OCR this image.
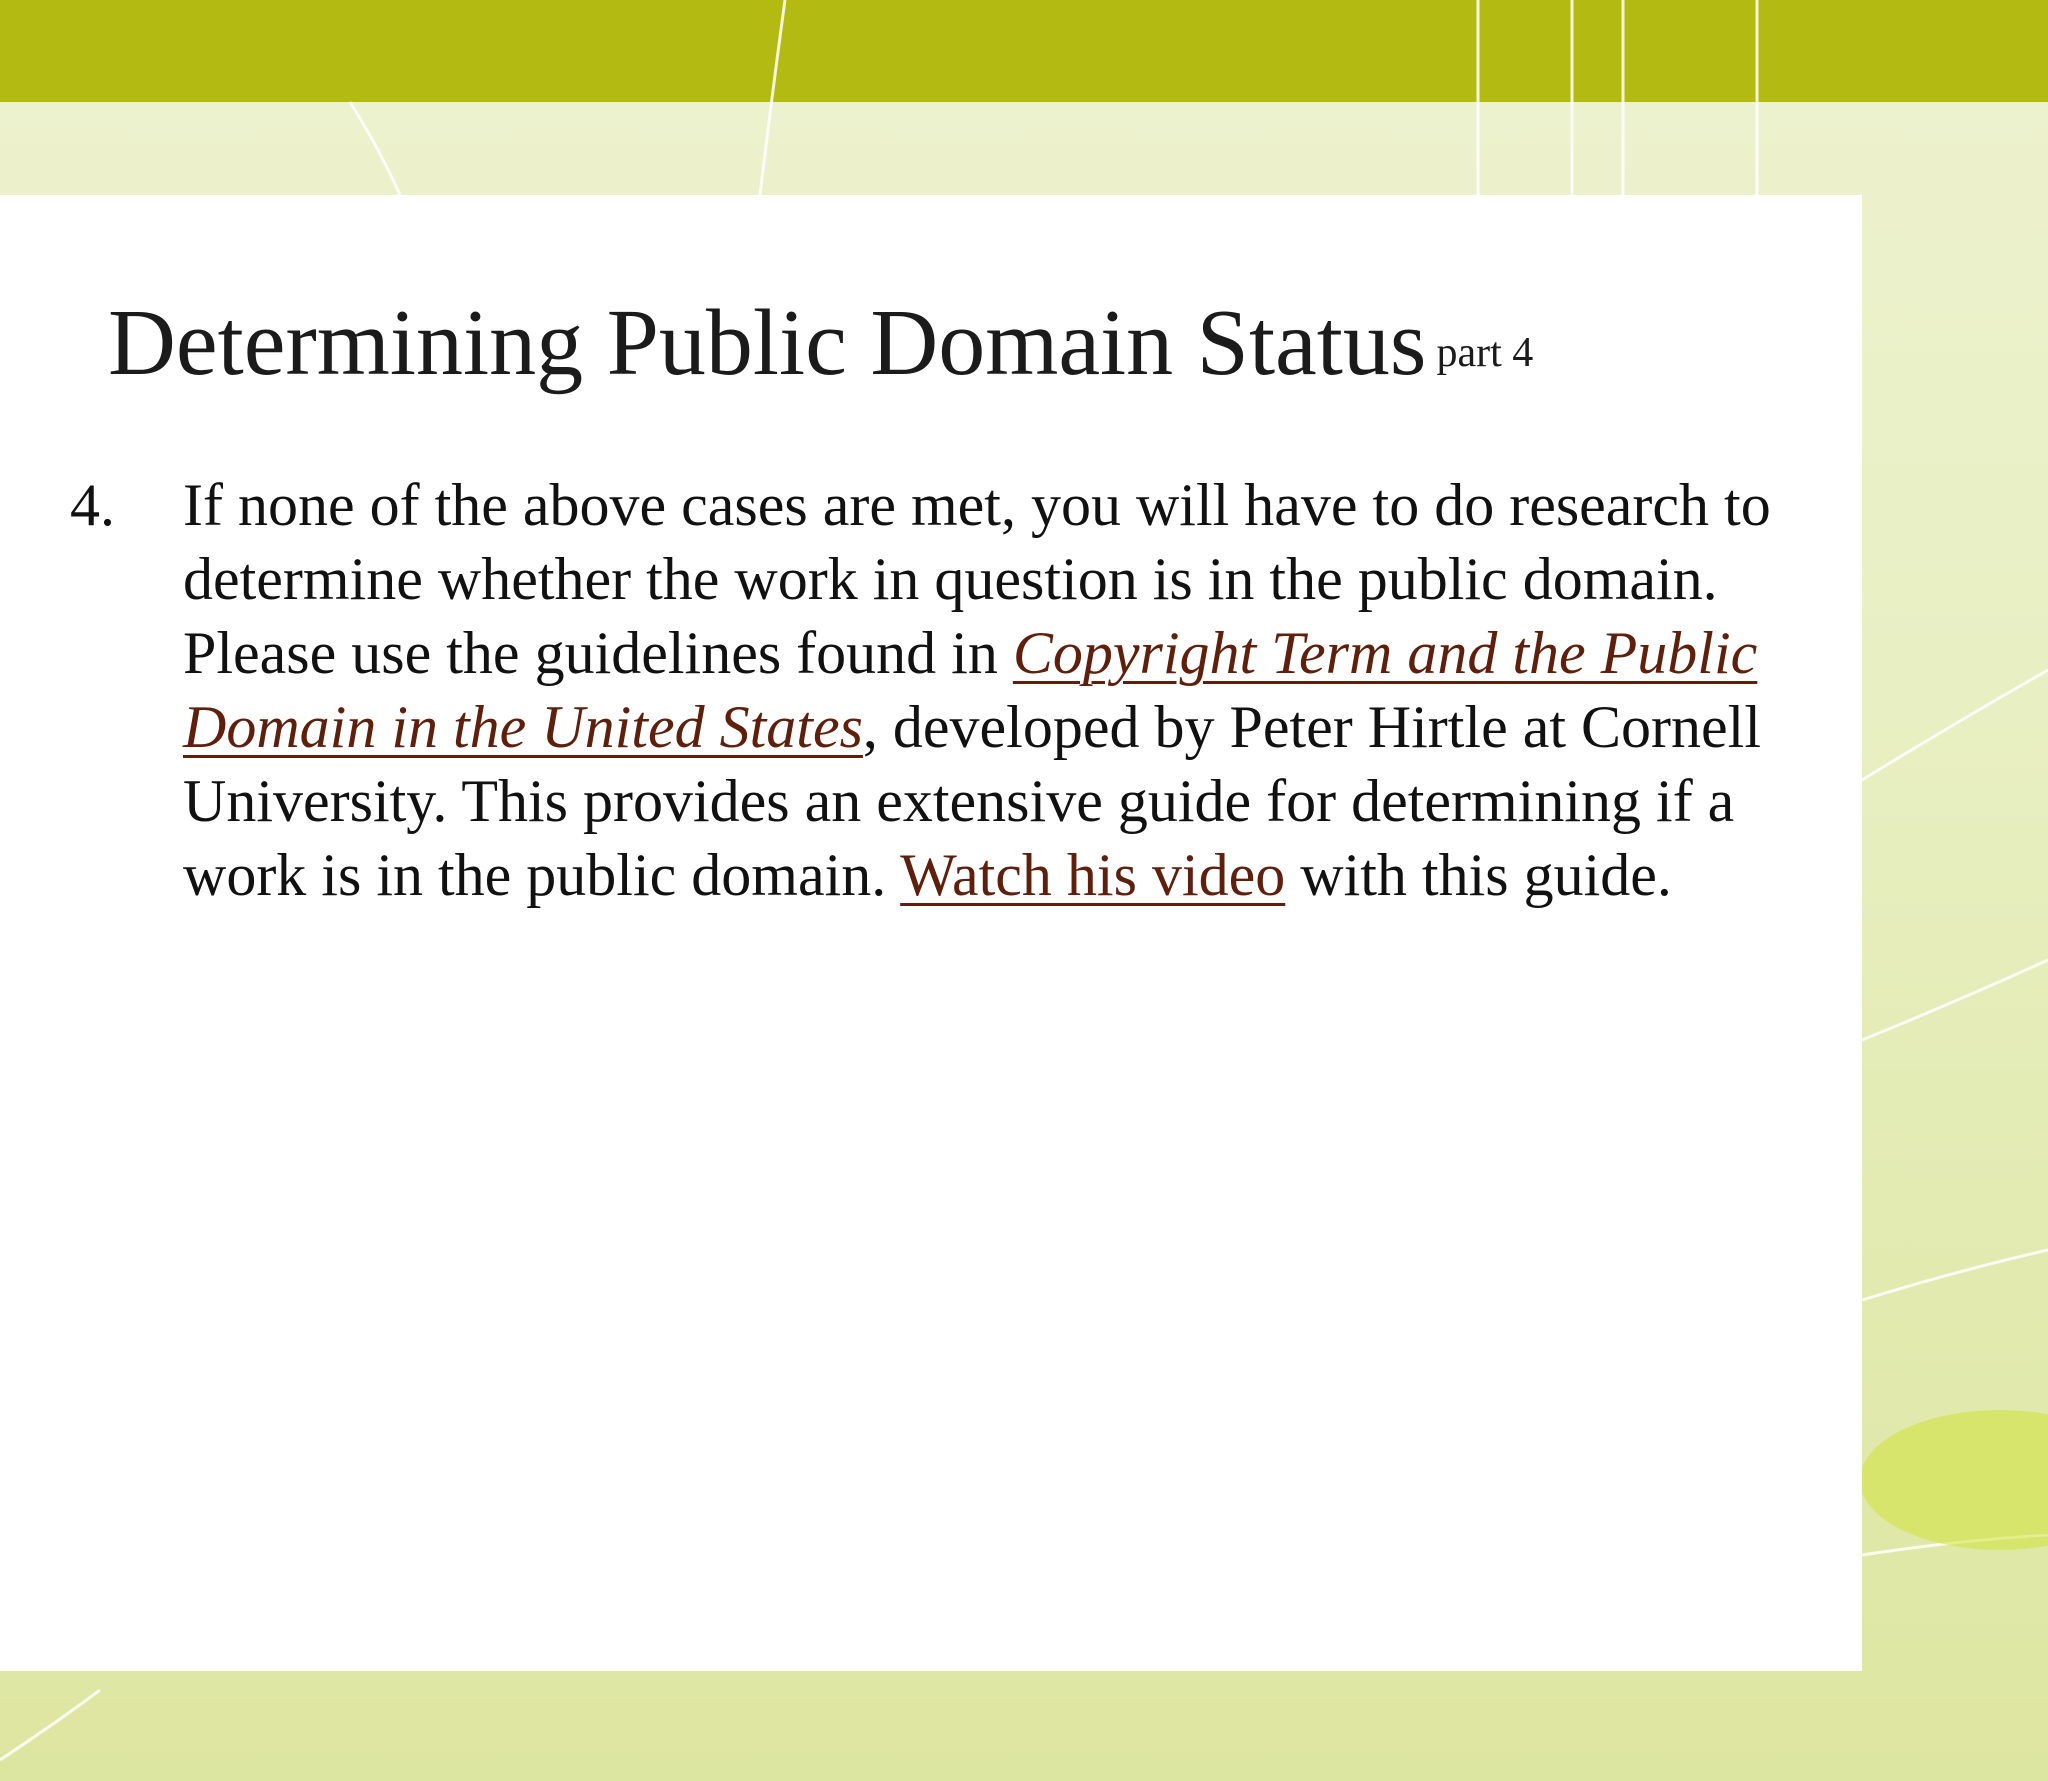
Determining Public Domain Status part 4
4. If none of the above cases are met, you will have to do research to determine whether the work in question is in the public domain. Please use the guidelines found in Copyright Term and the Public Domain in the United States, developed by Peter Hirtle at Cornell University. This provides an extensive guide for determining if a work is in the public domain. Watch his video with this guide.
